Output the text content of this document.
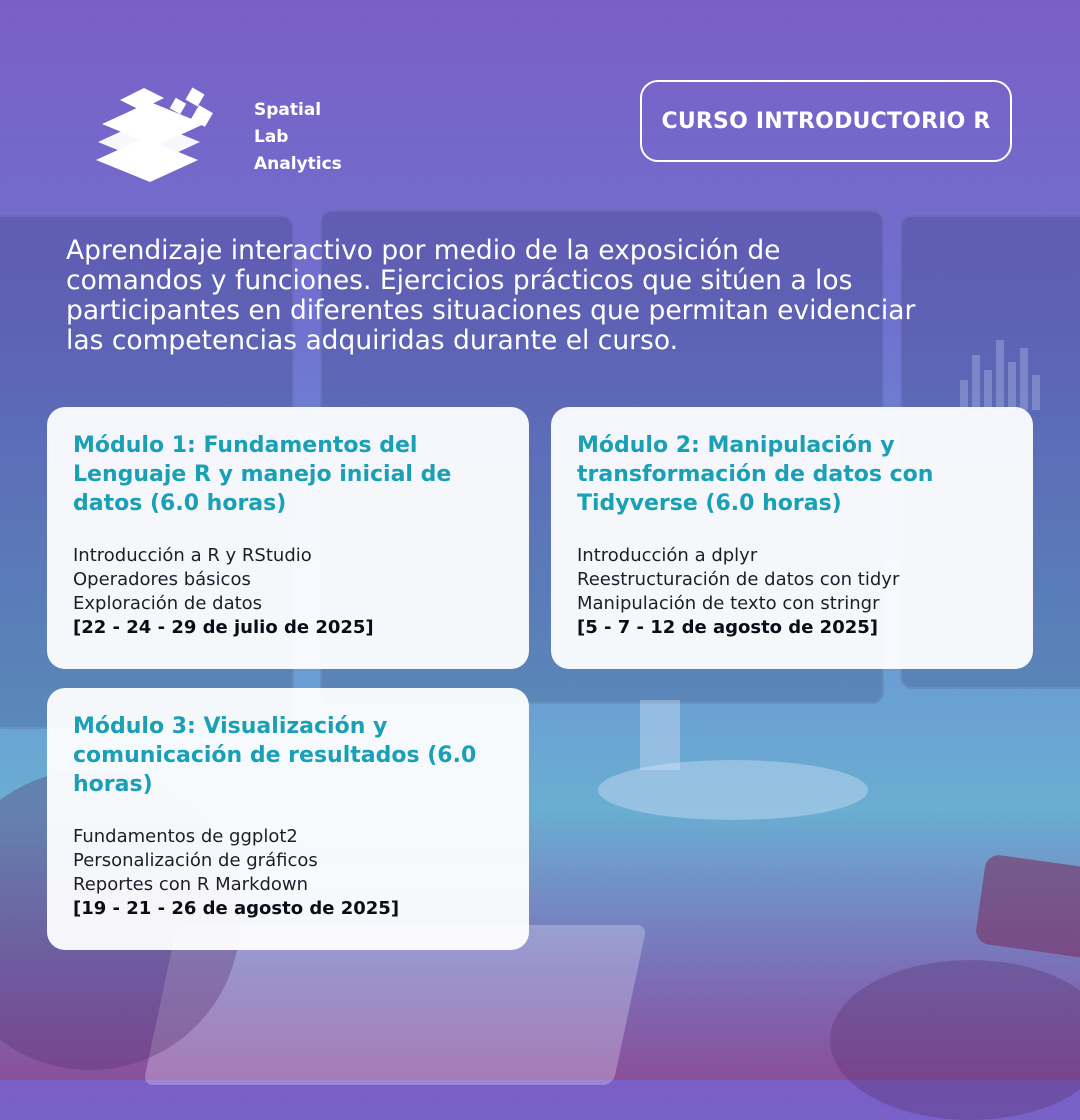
Spatial
Lab
Analytics
CURSO INTRODUCTORIO R
Aprendizaje interactivo por medio de la exposición de
comandos y funciones. Ejercicios prácticos que sitúen a los
participantes en diferentes situaciones que permitan evidenciar
las competencias adquiridas durante el curso.
Módulo 1: Fundamentos del Lenguaje R y manejo inicial de datos (6.0 horas)
Introducción a R y RStudio
Operadores básicos
Exploración de datos
[22 - 24 - 29 de julio de 2025]
Módulo 2: Manipulación y transformación de datos con Tidyverse (6.0 horas)
Introducción a dplyr
Reestructuración de datos con tidyr
Manipulación de texto con stringr
[5 - 7 - 12 de agosto de 2025]
Módulo 3: Visualización y comunicación de resultados (6.0 horas)
Fundamentos de ggplot2
Personalización de gráficos
Reportes con R Markdown
[19 - 21 - 26 de agosto de 2025]
